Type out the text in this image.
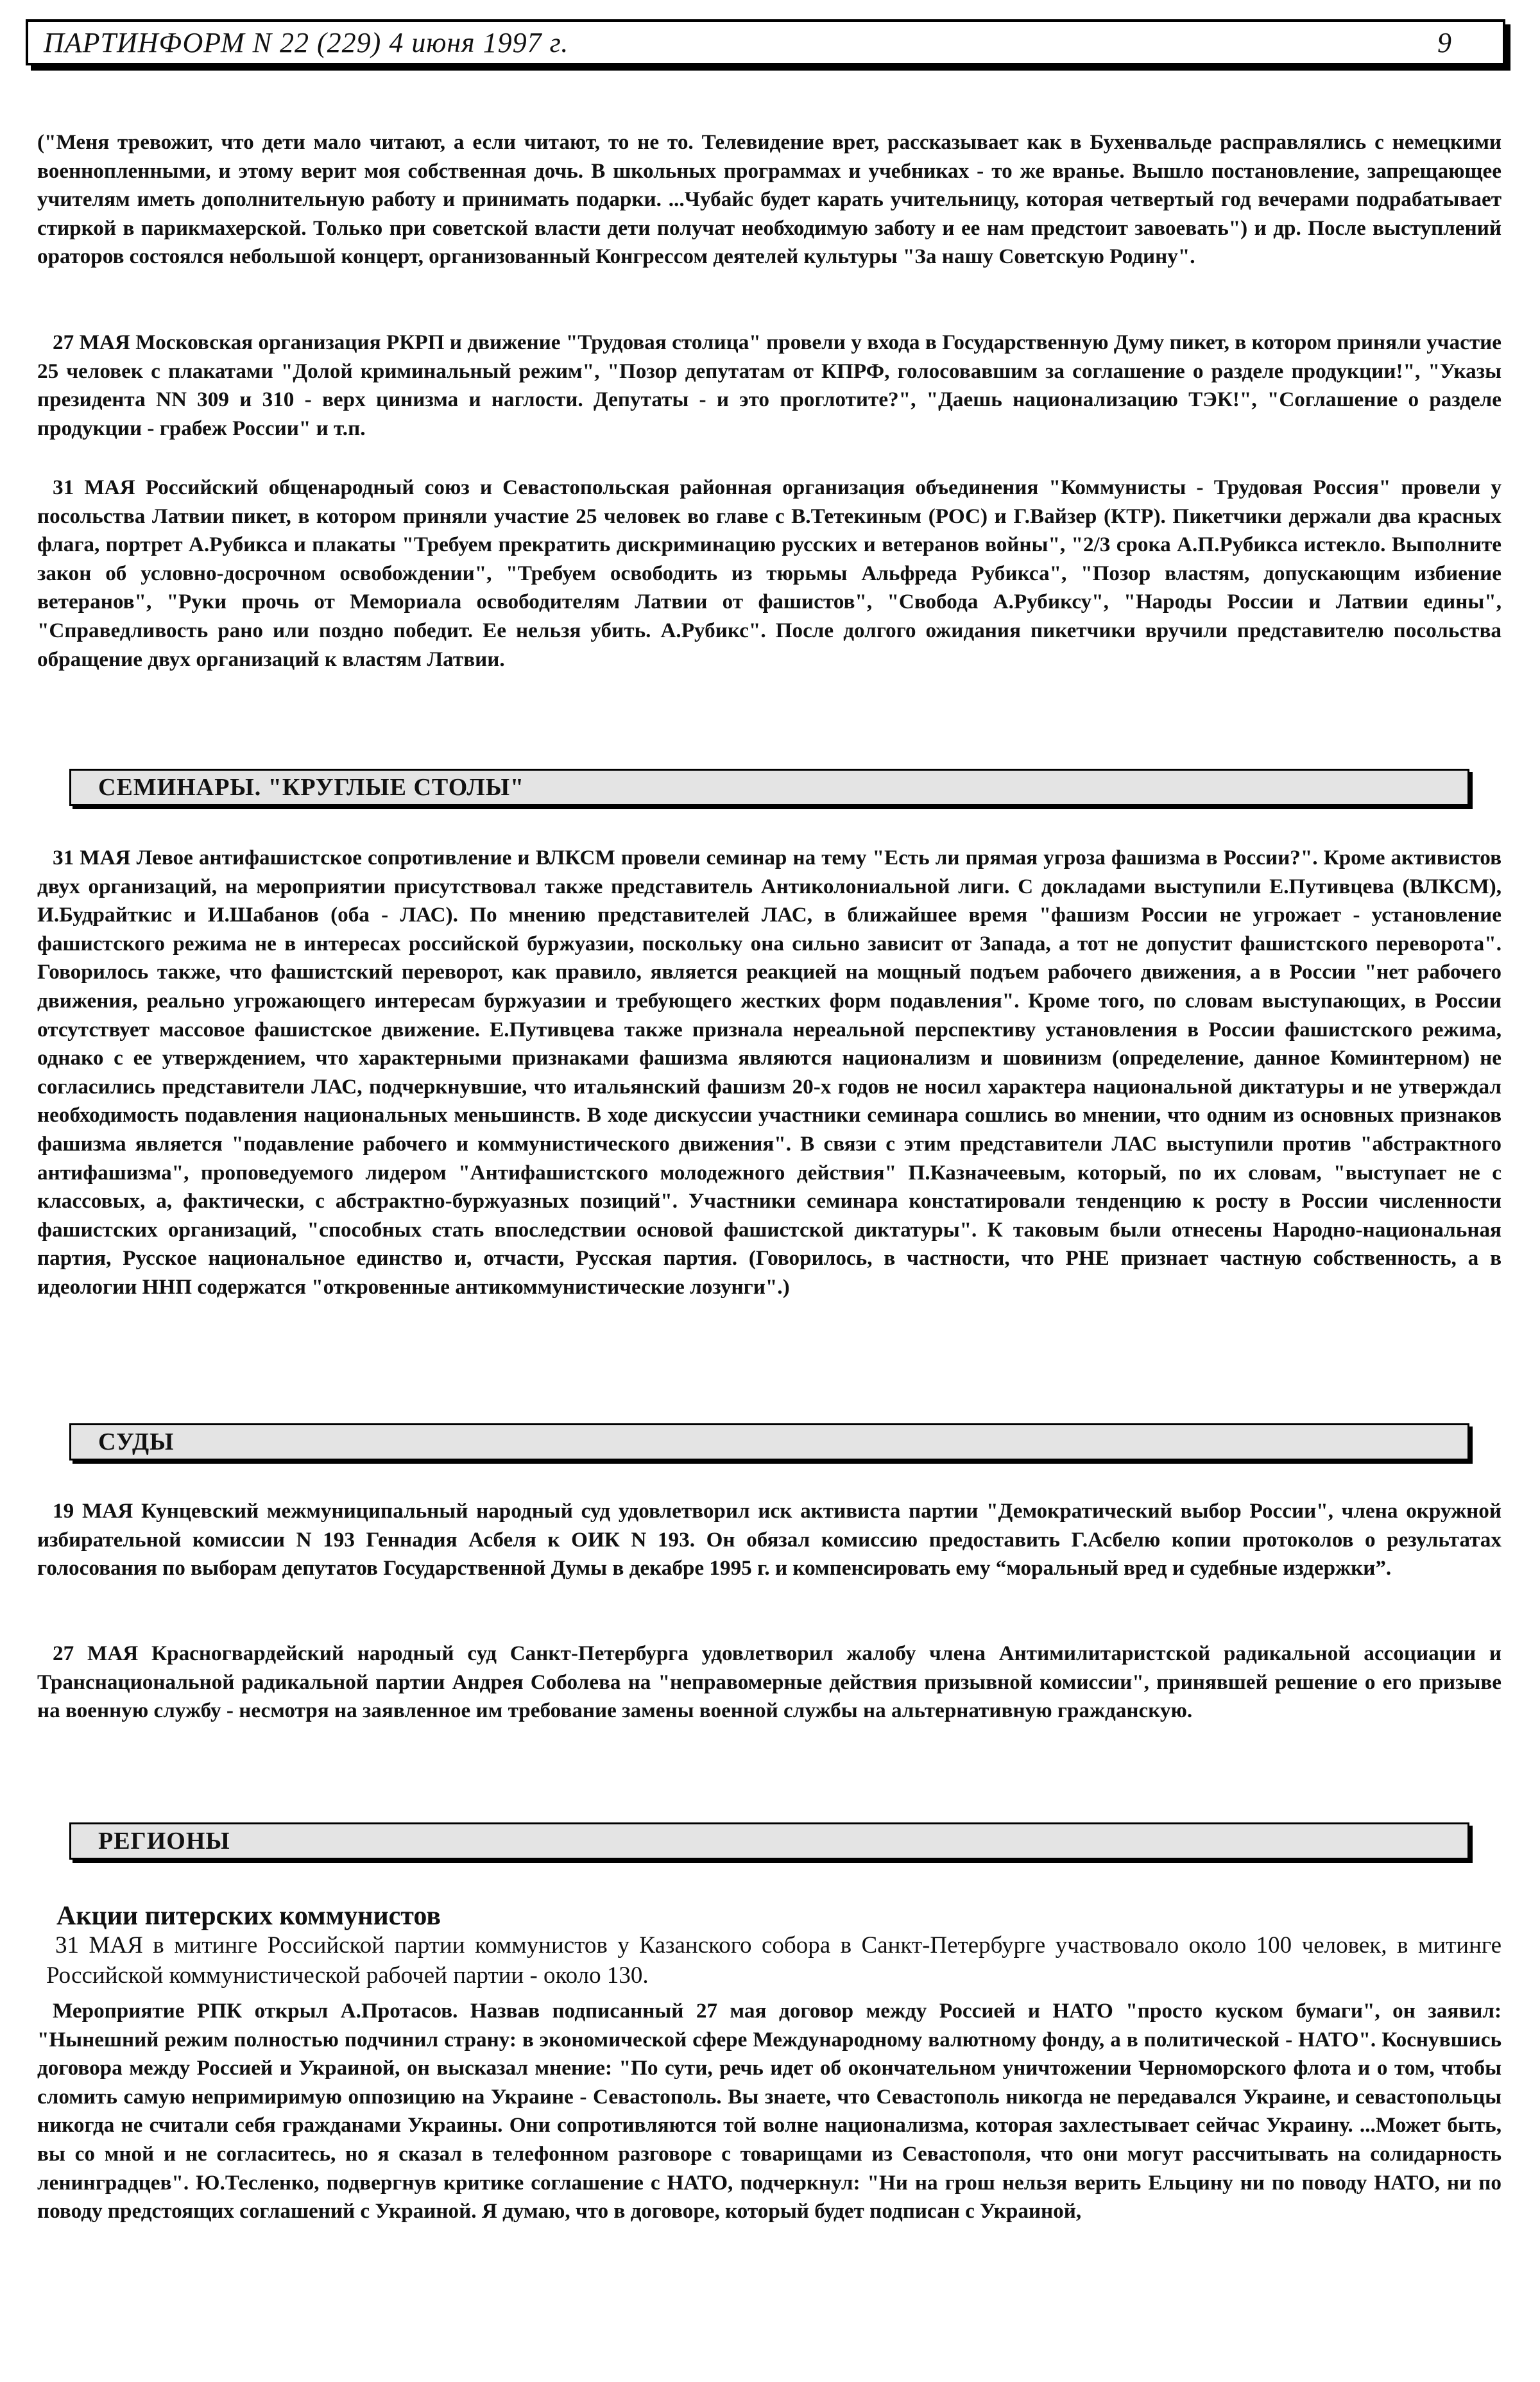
ПАРТИНФОРМ N 22 (229) 4 июня 1997 г.	9

("Меня тревожит, что дети мало читают, а если читают, то не то. Телевидение врет, рассказывает как в Бухенвальде расправлялись с немецкими военнопленными, и этому верит моя собственная дочь. В школьных программах и учебниках - то же вранье. Вышло постановление, запрещающее учителям иметь дополнительную работу и принимать подарки. ...Чубайс будет карать учительницу, которая четвертый год вечерами подрабатывает стиркой в парикмахерской. Только при советской власти дети получат необходимую заботу и ее нам предстоит завоевать") и др. После выступлений ораторов состоялся небольшой концерт, организованный Конгрессом деятелей культуры "За нашу Советскую Родину".

27 МАЯ Московская организация РКРП и движение "Трудовая столица" провели у входа в Государственную Думу пикет, в котором приняли участие 25 человек с плакатами "Долой криминальный режим", "Позор депутатам от КПРФ, голосовавшим за соглашение о разделе продукции!", "Указы президента NN 309 и 310 - верх цинизма и наглости. Депутаты - и это проглотите?", "Даешь национализацию ТЭК!", "Соглашение о разделе продукции - грабеж России" и т.п.

31 МАЯ Российский общенародный союз и Севастопольская районная организация объединения "Коммунисты - Трудовая Россия" провели у посольства Латвии пикет, в котором приняли участие 25 человек во главе с В.Тетекиным (РОС) и Г.Вайзер (КТР). Пикетчики держали два красных флага, портрет А.Рубикса и плакаты "Требуем прекратить дискриминацию русских и ветеранов войны", "2/3 срока А.П.Рубикса истекло. Выполните закон об условно-досрочном освобождении", "Требуем освободить из тюрьмы Альфреда Рубикса", "Позор властям, допускающим избиение ветеранов", "Руки прочь от Мемориала освободителям Латвии от фашистов", "Свобода А.Рубиксу", "Народы России и Латвии едины", "Справедливость рано или поздно победит. Ее нельзя убить. А.Рубикс". После долгого ожидания пикетчики вручили представителю посольства обращение двух организаций к властям Латвии.

СЕМИНАРЫ. "КРУГЛЫЕ СТОЛЫ"

31 МАЯ Левое антифашистское сопротивление и ВЛКСМ провели семинар на тему "Есть ли прямая угроза фашизма в России?". Кроме активистов двух организаций, на мероприятии присутствовал также представитель Антиколониальной лиги. С докладами выступили Е.Путивцева (ВЛКСМ), И.Будрайткис и И.Шабанов (оба - ЛАС). По мнению представителей ЛАС, в ближайшее время "фашизм России не угрожает - установление фашистского режима не в интересах российской буржуазии, поскольку она сильно зависит от Запада, а тот не допустит фашистского переворота". Говорилось также, что фашистский переворот, как правило, является реакцией на мощный подъем рабочего движения, а в России "нет рабочего движения, реально угрожающего интересам буржуазии и требующего жестких форм подавления". Кроме того, по словам выступающих, в России отсутствует массовое фашистское движение. Е.Путивцева также признала нереальной перспективу установления в России фашистского режима, однако с ее утверждением, что характерными признаками фашизма являются национализм и шовинизм (определение, данное Коминтерном) не согласились представители ЛАС, подчеркнувшие, что итальянский фашизм 20-х годов не носил характера национальной диктатуры и не утверждал необходимость подавления национальных меньшинств. В ходе дискуссии участники семинара сошлись во мнении, что одним из основных признаков фашизма является "подавление рабочего и коммунистического движения". В связи с этим представители ЛАС выступили против "абстрактного антифашизма", проповедуемого лидером "Антифашистского молодежного действия" П.Казначеевым, который, по их словам, "выступает не с классовых, а, фактически, с абстрактно-буржуазных позиций". Участники семинара констатировали тенденцию к росту в России численности фашистских организаций, "способных стать впоследствии основой фашистской диктатуры". К таковым были отнесены Народно-национальная партия, Русское национальное единство и, отчасти, Русская партия. (Говорилось, в частности, что РНЕ признает частную собственность, а в идеологии ННП содержатся "откровенные антикоммунистические лозунги".)

СУДЫ

19 МАЯ Кунцевский межмуниципальный народный суд удовлетворил иск активиста партии "Демократический выбор России", члена окружной избирательной комиссии N 193 Геннадия Асбеля к ОИК N 193. Он обязал комиссию предоставить Г.Асбелю копии протоколов о результатах голосования по выборам депутатов Государственной Думы в декабре 1995 г. и компенсировать ему “моральный вред и судебные издержки”.

27 МАЯ Красногвардейский народный суд Санкт-Петербурга удовлетворил жалобу члена Антимилитаристской радикальной ассоциации и Транснациональной радикальной партии Андрея Соболева на "неправомерные действия призывной комиссии", принявшей решение о его призыве на военную службу - несмотря на заявленное им требование замены военной службы на альтернативную гражданскую.

РЕГИОНЫ
Акции питерских коммунистов

31 МАЯ в митинге Российской партии коммунистов у Казанского собора в Санкт-Петербурге участвовало около 100 человек, в митинге Российской коммунистической рабочей партии - около 130.

Мероприятие РПК открыл А.Протасов. Назвав подписанный 27 мая договор между Россией и НАТО "просто куском бумаги", он заявил: "Нынешний режим полностью подчинил страну: в экономической сфере Международному валютному фонду, а в политической - НАТО". Коснувшись договора между Россией и Украиной, он высказал мнение: "По сути, речь идет об окончательном уничтожении Черноморского флота и о том, чтобы сломить самую непримиримую оппозицию на Украине - Севастополь. Вы знаете, что Севастополь никогда не передавался Украине, и севастопольцы никогда не считали себя гражданами Украины. Они сопротивляются той волне национализма, которая захлестывает сейчас Украину. ...Может быть, вы со мной и не согласитесь, но я сказал в телефонном разговоре с товарищами из Севастополя, что они могут рассчитывать на солидарность ленинградцев". Ю.Тесленко, подвергнув критике соглашение с НАТО, подчеркнул: "Ни на грош нельзя верить Ельцину ни по поводу НАТО, ни по поводу предстоящих соглашений с Украиной. Я думаю, что в договоре, который будет подписан с Украиной,
